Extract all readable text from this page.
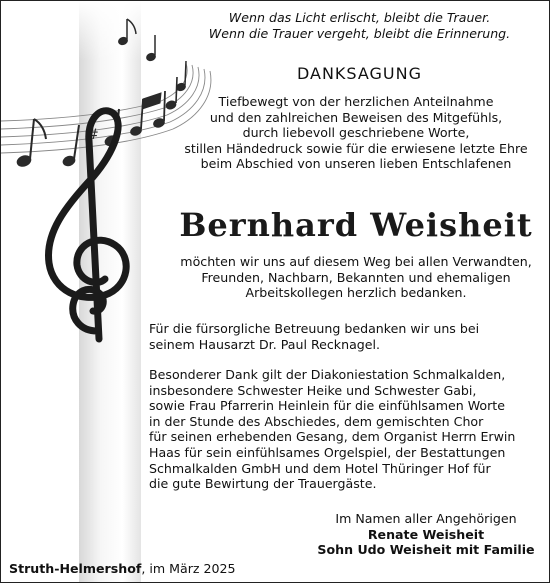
#
Wenn das Licht erlischt, bleibt die Trauer.
Wenn die Trauer vergeht, bleibt die Erinnerung.
DANKSAGUNG
Tiefbewegt von der herzlichen Anteilnahme
und den zahlreichen Beweisen des Mitgefühls,
durch liebevoll geschriebene Worte,
stillen Händedruck sowie für die erwiesene letzte Ehre
beim Abschied von unseren lieben Entschlafenen
Bernhard Weisheit
möchten wir uns auf diesem Weg bei allen Verwandten,
Freunden, Nachbarn, Bekannten und ehemaligen
Arbeitskollegen herzlich bedanken.
Für die fürsorgliche Betreuung bedanken wir uns bei
seinem Hausarzt Dr. Paul Recknagel.
Besonderer Dank gilt der Diakoniestation Schmalkalden,
insbesondere Schwester Heike und Schwester Gabi,
sowie Frau Pfarrerin Heinlein für die einfühlsamen Worte
in der Stunde des Abschiedes, dem gemischten Chor
für seinen erhebenden Gesang, dem Organist Herrn Erwin
Haas für sein einfühlsames Orgelspiel, der Bestattungen
Schmalkalden GmbH und dem Hotel Thüringer Hof für
die gute Bewirtung der Trauergäste.
Im Namen aller Angehörigen
Renate Weisheit
Sohn Udo Weisheit mit Familie
Struth-Helmershof, im März 2025
